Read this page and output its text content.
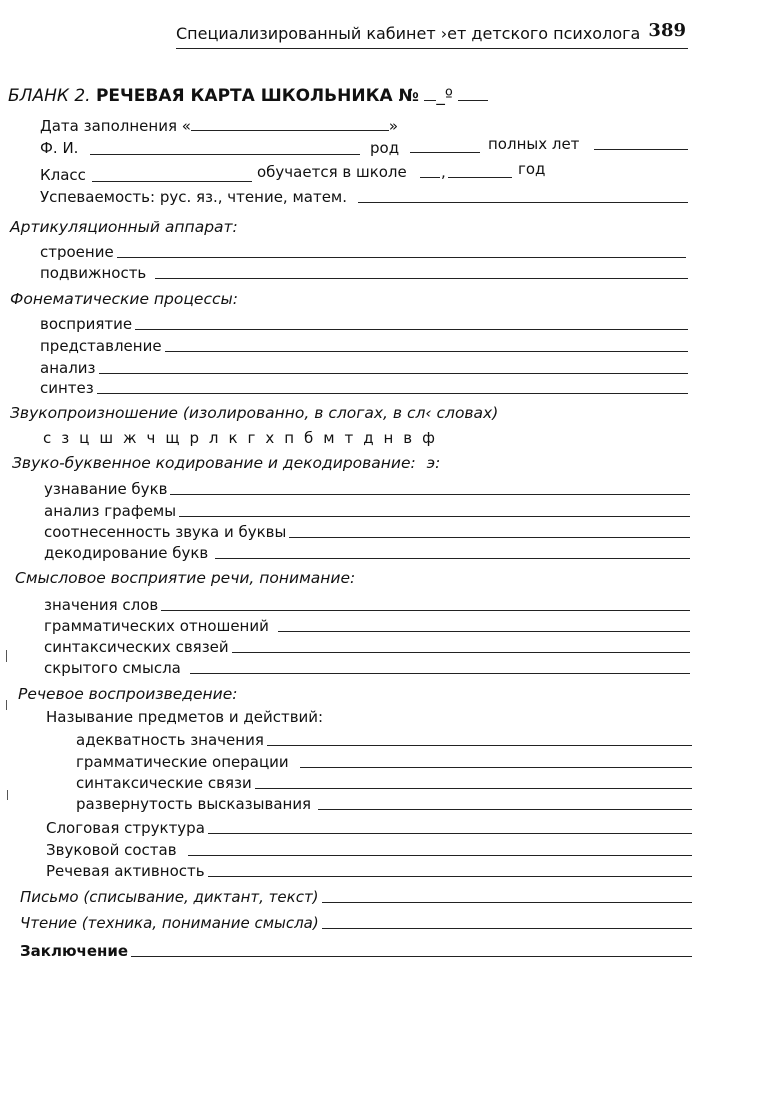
Специализированный кабинет ›ет детского психолога 389
БЛАНК 2. РЕЧЕВАЯ КАРТА ШКОЛЬНИКА № _º
Дата заполнения «	»
Ф. И.	род	полных лет
Класс	обучается в школе ,	год
Успеваемость: рус. яз., чтение, матем.
Артикуляционный аппарат:
строение
подвижность
Фонематические процессы:
восприятие
представление
анализ
синтез
Звукопроизношение (изолированно, в слогах, в сл‹ словах)
с з ц ш ж ч щ р л к г х п б м т д н в ф
Звуко-буквенное кодирование и декодирование: э:
узнавание букв
анализ графемы
соотнесенность звука и буквы
декодирование букв
Смысловое восприятие речи, понимание:
значения слов
грамматических отношений
синтаксических связей
скрытого смысла
Речевое воспроизведение:
Называние предметов и действий:
адекватность значения
грамматические операции
синтаксические связи
развернутость высказывания
Слоговая структура
Звуковой состав
Речевая активность
Письмо (списывание, диктант, текст)
Чтение (техника, понимание смысла)
Заключение
